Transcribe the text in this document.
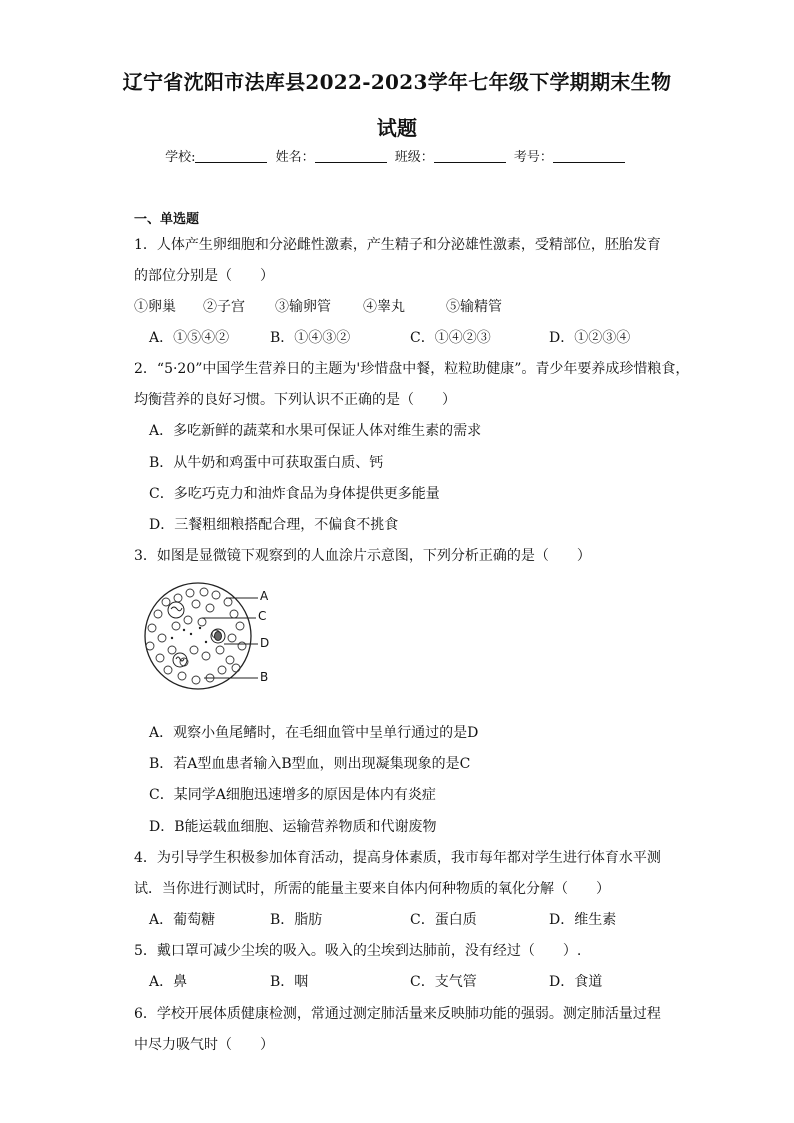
辽宁省沈阳市法库县2022-2023学年七年级下学期期末生物
试题
学校:	姓名：	班级：	考号：
一、单选题
1．人体产生卵细胞和分泌雌性激素，产生精子和分泌雄性激素，受精部位，胚胎发育
的部位分别是（　　）
①卵巢 ②子宫 ③输卵管 ④睾丸	⑤输精管
A．①⑤④②	B．①④③②	C．①④②③	D．①②③④
2．“5·20”中国学生营养日的主题为'珍惜盘中餐，粒粒助健康”。青少年要养成珍惜粮食，
均衡营养的良好习惯。下列认识不正确的是（　　）
A．多吃新鲜的蔬菜和水果可保证人体对维生素的需求
B．从牛奶和鸡蛋中可获取蛋白质、钙
C．多吃巧克力和油炸食品为身体提供更多能量
D．三餐粗细粮搭配合理，不偏食不挑食
3．如图是显微镜下观察到的人血涂片示意图，下列分析正确的是（　　）
A
C
D
B
A．观察小鱼尾鳍时，在毛细血管中呈单行通过的是D
B．若A型血患者输入B型血，则出现凝集现象的是C
C．某同学A细胞迅速增多的原因是体内有炎症
D．B能运载血细胞、运输营养物质和代谢废物
4．为引导学生积极参加体育活动，提高身体素质，我市每年都对学生进行体育水平测
试．当你进行测试时，所需的能量主要来自体内何种物质的氧化分解（　　）
A．葡萄糖	B．脂肪	C．蛋白质	D．维生素
5．戴口罩可减少尘埃的吸入。吸入的尘埃到达肺前，没有经过（　　）.
A．鼻	B．咽	C．支气管	D．食道
6．学校开展体质健康检测，常通过测定肺活量来反映肺功能的强弱。测定肺活量过程
中尽力吸气时（　　）
